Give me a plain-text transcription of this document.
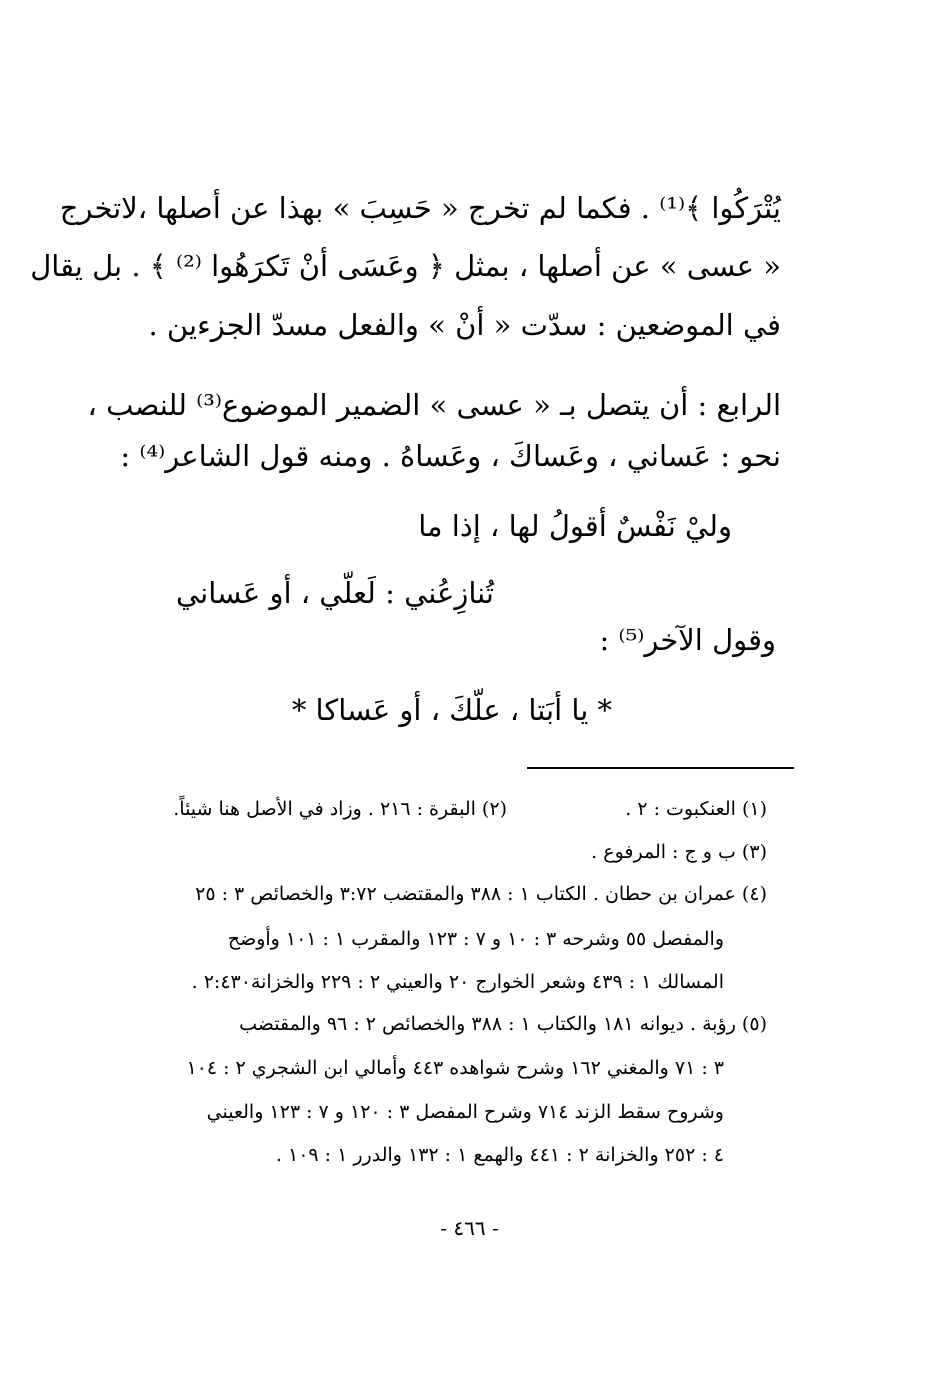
يُتْرَكُوا ﴾⁽¹⁾ . فكما لم تخرج « حَسِبَ » بهذا عن أصلها ،لاتخرج
« عسى » عن أصلها ، بمثل ﴿ وعَسَى أنْ تَكرَهُوا ⁽²⁾ ﴾ . بل يقال
في الموضعين : سدّت « أنْ » والفعل مسدّ الجزءين .
الرابع : أن يتصل بـ « عسى » الضمير الموضوع⁽³⁾ للنصب ،
نحو : عَساني ، وعَساكَ ، وعَساهُ . ومنه قول الشاعر⁽⁴⁾ :
وليْ نَفْسٌ أقولُ لها ، إذا ما
تُنازِعُني : لَعلّي ، أو عَساني
وقول الآخر⁽⁵⁾ :
* يا أبَتا ، علّكَ ، أو عَساكا *
(١) العنكبوت : ٢ .
(٢) البقرة : ٢١٦ . وزاد في الأصل هنا شيئاً.
(٣) ب و ج : المرفوع .
(٤) عمران بن حطان . الكتاب ١ : ٣٨٨ والمقتضب ٣:٧٢ والخصائص ٣ : ٢٥
والمفصل ٥٥ وشرحه ٣ : ١٠ و ٧ : ١٢٣ والمقرب ١ : ١٠١ وأوضح
المسالك ١ : ٤٣٩ وشعر الخوارج ٢٠ والعيني ٢ : ٢٢٩ والخزانة٢:٤٣٠ .
(٥) رؤبة . ديوانه ١٨١ والكتاب ١ : ٣٨٨ والخصائص ٢ : ٩٦ والمقتضب
٣ : ٧١ والمغني ١٦٢ وشرح شواهده ٤٤٣ وأمالي ابن الشجري ٢ : ١٠٤
وشروح سقط الزند ٧١٤ وشرح المفصل ٣ : ١٢٠ و ٧ : ١٢٣ والعيني
٤ : ٢٥٢ والخزانة ٢ : ٤٤١ والهمع ١ : ١٣٢ والدرر ١ : ١٠٩ .
- ٤٦٦ -
